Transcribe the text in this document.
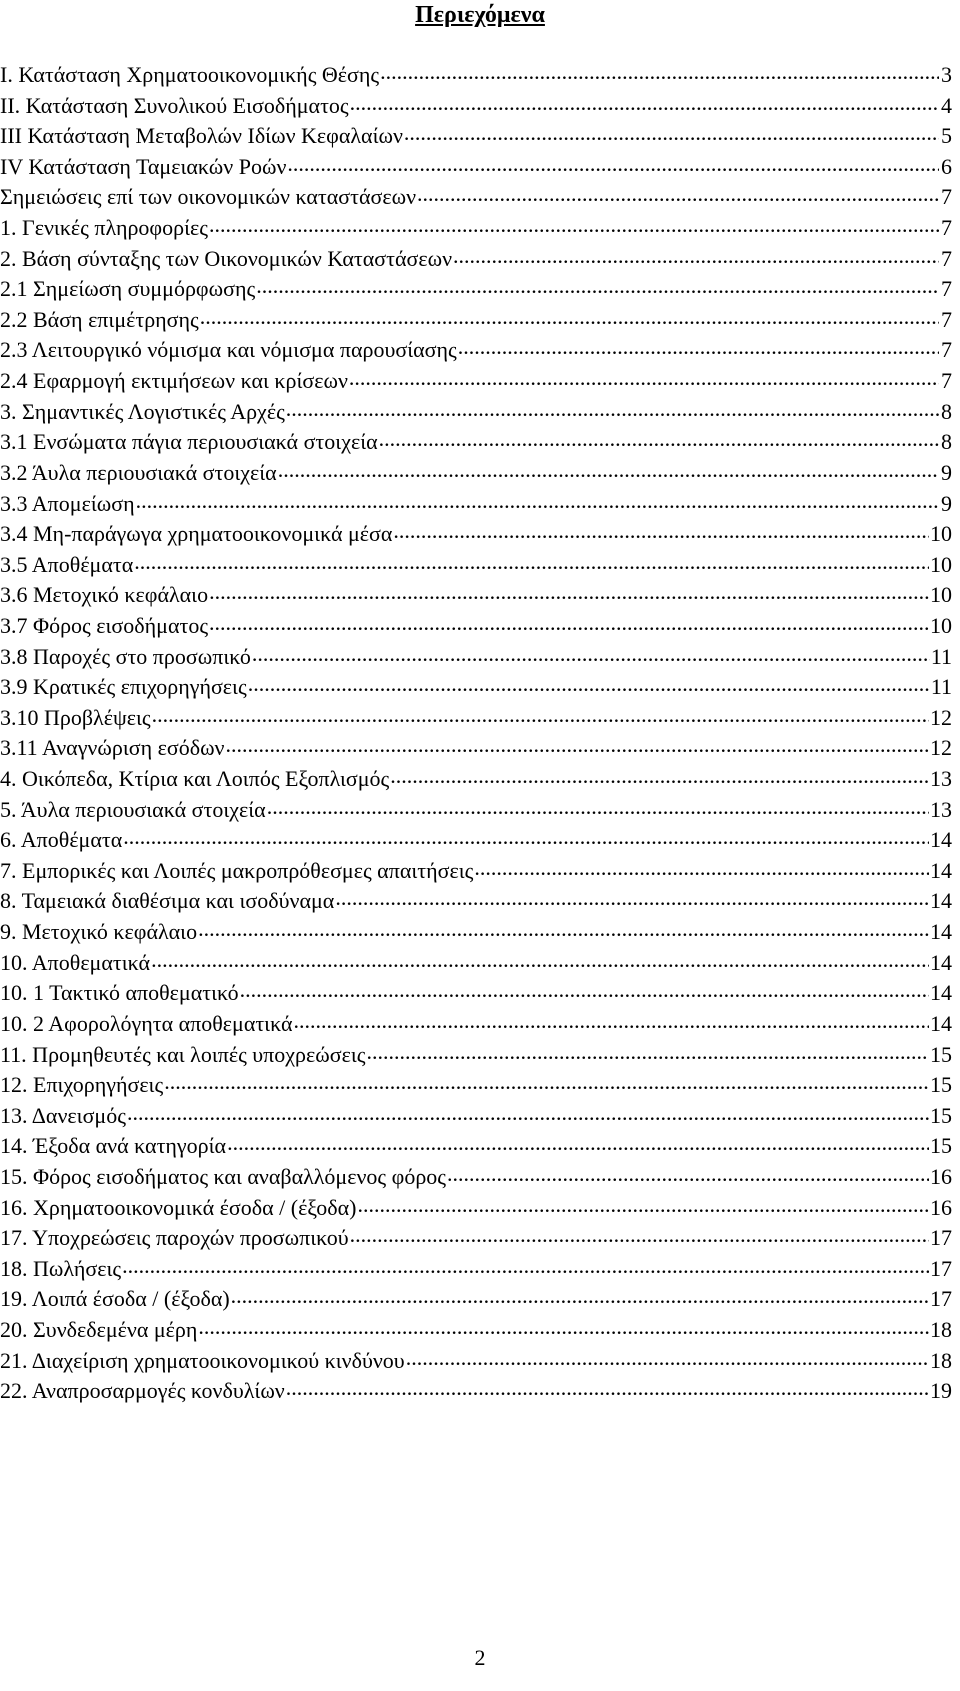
Περιεχόμενα
I. Κατάσταση Χρηματοοικονομικής Θέσης .....	3
II. Κατάσταση Συνολικού Εισοδήματος .....	4
III Κατάσταση Μεταβολών Ιδίων Κεφαλαίων .....	5
IV Κατάσταση Ταμειακών Ροών .....	6
Σημειώσεις επί των οικονομικών καταστάσεων .....	7
1. Γενικές πληροφορίες .....	7
2. Βάση σύνταξης των Οικονομικών Καταστάσεων .....	7
2.1 Σημείωση συμμόρφωσης .....	7
2.2 Βάση επιμέτρησης .....	7
2.3 Λειτουργικό νόμισμα και νόμισμα παρουσίασης .....	7
2.4 Εφαρμογή εκτιμήσεων και κρίσεων .....	7
3. Σημαντικές Λογιστικές Αρχές .....	8
3.1 Ενσώματα πάγια περιουσιακά στοιχεία .....	8
3.2 Άυλα περιουσιακά στοιχεία .....	9
3.3 Απομείωση .....	9
3.4 Μη-παράγωγα χρηματοοικονομικά μέσα .....	10
3.5 Αποθέματα .....	10
3.6 Μετοχικό κεφάλαιο .....	10
3.7 Φόρος εισοδήματος .....	10
3.8 Παροχές στο προσωπικό .....	11
3.9 Κρατικές επιχορηγήσεις .....	11
3.10 Προβλέψεις .....	12
3.11 Αναγνώριση εσόδων .....	12
4. Οικόπεδα, Κτίρια και Λοιπός Εξοπλισμός .....	13
5. Άυλα περιουσιακά στοιχεία .....	13
6. Αποθέματα .....	14
7. Εμπορικές και Λοιπές μακροπρόθεσμες απαιτήσεις .....	14
8. Ταμειακά διαθέσιμα και ισοδύναμα .....	14
9. Μετοχικό κεφάλαιο .....	14
10. Αποθεματικά .....	14
10. 1 Τακτικό αποθεματικό .....	14
10. 2 Αφορολόγητα αποθεματικά .....	14
11. Προμηθευτές και λοιπές υποχρεώσεις .....	15
12. Επιχορηγήσεις .....	15
13. Δανεισμός .....	15
14. Έξοδα ανά κατηγορία .....	15
15. Φόρος εισοδήματος και αναβαλλόμενος φόρος .....	16
16. Χρηματοοικονομικά έσοδα / (έξοδα) .....	16
17. Υποχρεώσεις παροχών προσωπικού .....	17
18. Πωλήσεις .....	17
19. Λοιπά έσοδα / (έξοδα) .....	17
20. Συνδεδεμένα μέρη .....	18
21. Διαχείριση χρηματοοικονομικού κινδύνου .....	18
22. Αναπροσαρμογές κονδυλίων .....	19
2
